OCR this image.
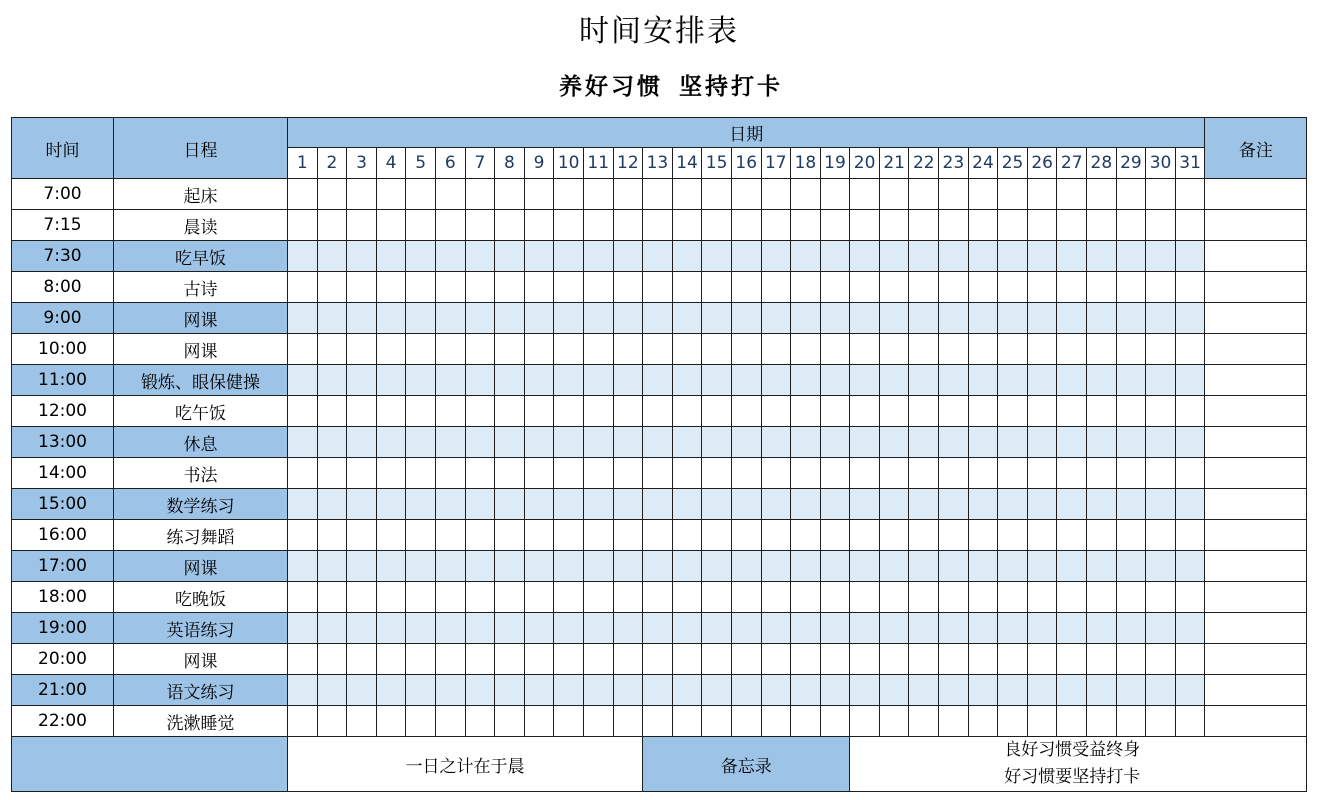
时间安排表
养好习惯 坚持打卡
时间	日程	日期																															备注
		1	2	3	4	5	6	7	8	9	10	11	12	13	14	15	16	17	18	19	20	21	22	23	24	25	26	27	28	29	30	31	
7:00	起床																																
7:15	晨读																																
7:30	吃早饭																																
8:00	古诗																																
9:00	网课																																
10:00	网课																																
11:00	锻炼、眼保健操																																
12:00	吃午饭																																
13:00	休息																																
14:00	书法																																
15:00	数学练习																																
16:00	练习舞蹈																																
17:00	网课																																
18:00	吃晚饭																																
19:00	英语练习																																
20:00	网课																																
21:00	语文练习																																
22:00	洗漱睡觉																																
		一日之计在于晨												备忘录							良好习惯受益终身
好习惯要坚持打卡												
